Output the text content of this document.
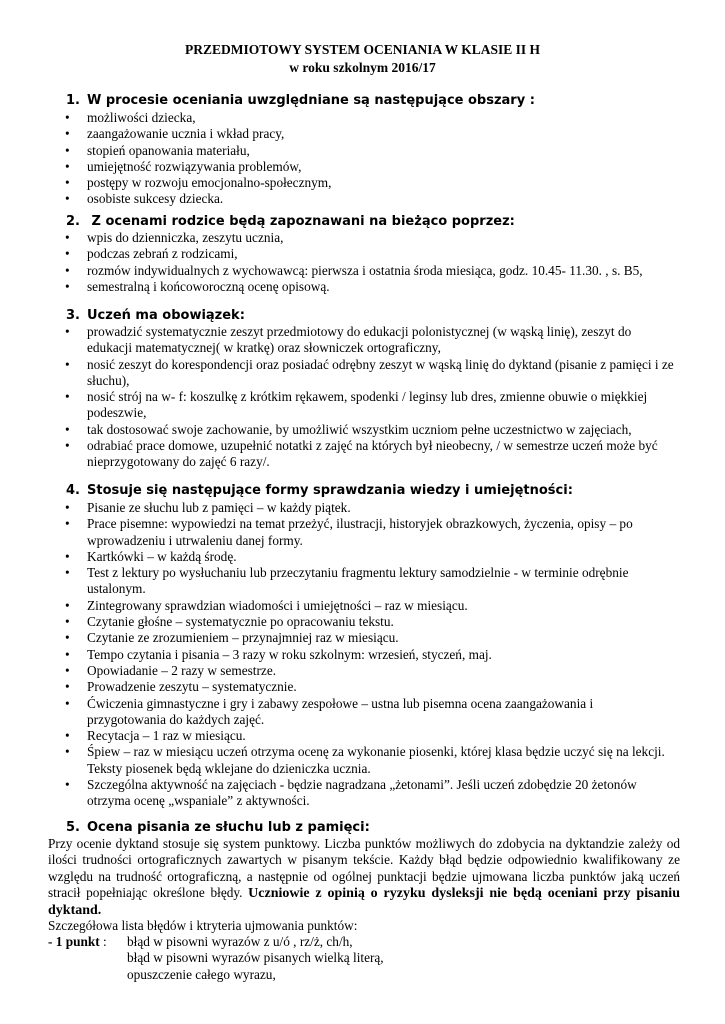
PRZEDMIOTOWY SYSTEM OCENIANIA W KLASIE II H
w roku szkolnym 2016/17
1. W procesie oceniania uwzględniane są następujące obszary :
• możliwości dziecka,
• zaangażowanie ucznia i wkład pracy,
• stopień opanowania materiału,
• umiejętność rozwiązywania problemów,
• postępy w rozwoju emocjonalno-społecznym,
• osobiste sukcesy dziecka.
2. Z ocenami rodzice będą zapoznawani na bieżąco poprzez:
• wpis do dzienniczka, zeszytu ucznia,
• podczas zebrań z rodzicami,
• rozmów indywidualnych z wychowawcą: pierwsza i ostatnia środa miesiąca, godz. 10.45- 11.30. , s. B5,
• semestralną i końcoworoczną ocenę opisową.
3. Uczeń ma obowiązek:
• prowadzić systematycznie zeszyt przedmiotowy do edukacji polonistycznej (w wąską linię), zeszyt do edukacji matematycznej( w kratkę) oraz słowniczek ortograficzny,
• nosić zeszyt do korespondencji oraz posiadać odrębny zeszyt w wąską linię do dyktand (pisanie z pamięci i ze słuchu),
• nosić strój na w- f: koszulkę z krótkim rękawem, spodenki / leginsy lub dres, zmienne obuwie o miękkiej podeszwie,
• tak dostosować swoje zachowanie, by umożliwić wszystkim uczniom pełne uczestnictwo w zajęciach,
• odrabiać prace domowe, uzupełnić notatki z zajęć na których był nieobecny, / w semestrze uczeń może być nieprzygotowany do zajęć 6 razy/.
4. Stosuje się następujące formy sprawdzania wiedzy i umiejętności:
• Pisanie ze słuchu lub z pamięci – w każdy piątek.
• Prace pisemne: wypowiedzi na temat przeżyć, ilustracji, historyjek obrazkowych, życzenia, opisy – po wprowadzeniu i utrwaleniu danej formy.
• Kartkówki – w każdą środę.
• Test z lektury po wysłuchaniu lub przeczytaniu fragmentu lektury samodzielnie - w terminie odrębnie ustalonym.
• Zintegrowany sprawdzian wiadomości i umiejętności – raz w miesiącu.
• Czytanie głośne – systematycznie po opracowaniu tekstu.
• Czytanie ze zrozumieniem – przynajmniej raz w miesiącu.
• Tempo czytania i pisania – 3 razy w roku szkolnym: wrzesień, styczeń, maj.
• Opowiadanie – 2 razy w semestrze.
• Prowadzenie zeszytu – systematycznie.
• Ćwiczenia gimnastyczne i gry i zabawy zespołowe – ustna lub pisemna ocena zaangażowania i przygotowania do każdych zajęć.
• Recytacja – 1 raz w miesiącu.
• Śpiew – raz w miesiącu uczeń otrzyma ocenę za wykonanie piosenki, której klasa będzie uczyć się na lekcji. Teksty piosenek będą wklejane do dzieniczka ucznia.
• Szczególna aktywność na zajęciach - będzie nagradzana „żetonami”. Jeśli uczeń zdobędzie 20 żetonów otrzyma ocenę „wspaniale” z aktywności.
5. Ocena pisania ze słuchu lub z pamięci:
Przy ocenie dyktand stosuje się system punktowy. Liczba punktów możliwych do zdobycia na dyktandzie zależy od ilości trudności ortograficznych zawartych w pisanym tekście. Każdy błąd będzie odpowiednio kwalifikowany ze względu na trudność ortograficzną, a następnie od ogólnej punktacji będzie ujmowana liczba punktów jaką uczeń stracił popełniając określone błędy. Uczniowie z opinią o ryzyku dysleksji nie będą oceniani przy pisaniu dyktand.
Szczegółowa lista błędów i ktryteria ujmowania punktów:
- 1 punkt : błąd w pisowni wyrazów z u/ó , rz/ż, ch/h,
błąd w pisowni wyrazów pisanych wielką literą,
opuszczenie całego wyrazu,
